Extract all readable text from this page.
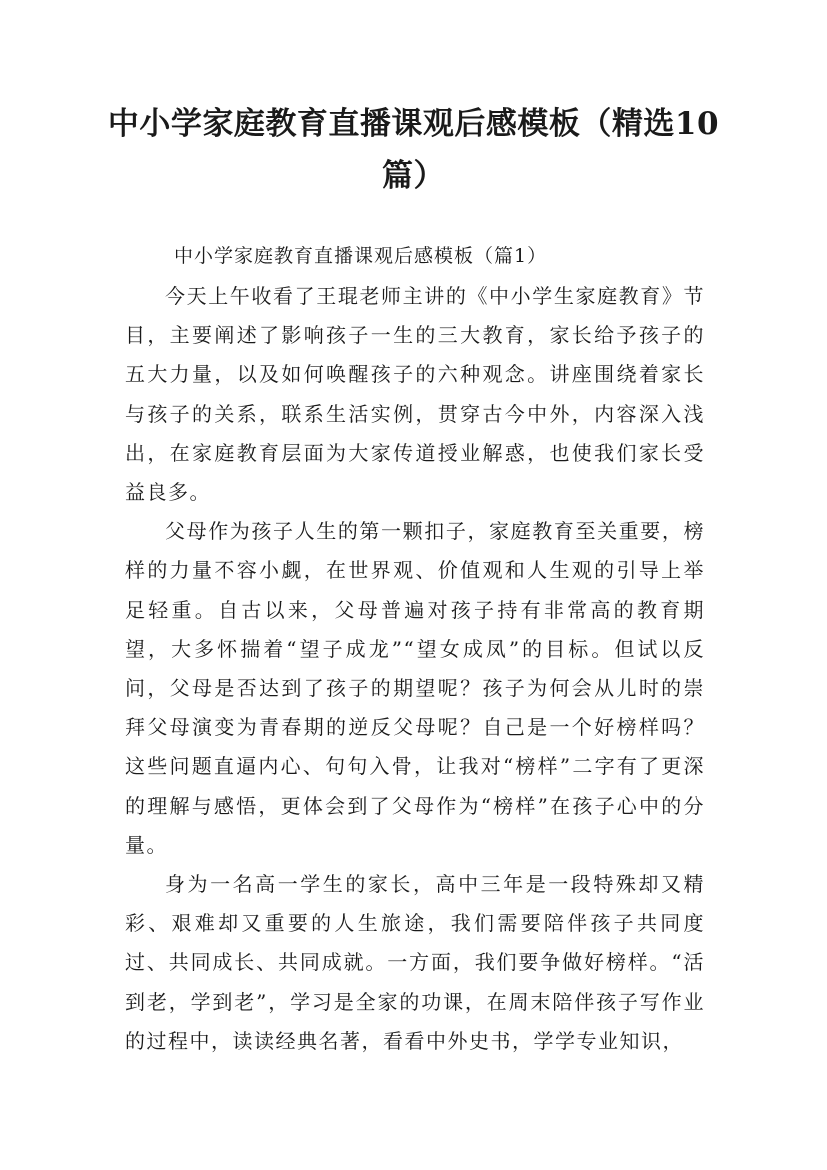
中小学家庭教育直播课观后感模板（精选10篇）

中小学家庭教育直播课观后感模板（篇1）

今天上午收看了王琨老师主讲的《中小学生家庭教育》节目，主要阐述了影响孩子一生的三大教育，家长给予孩子的五大力量，以及如何唤醒孩子的六种观念。讲座围绕着家长与孩子的关系，联系生活实例，贯穿古今中外，内容深入浅出，在家庭教育层面为大家传道授业解惑，也使我们家长受益良多。

父母作为孩子人生的第一颗扣子，家庭教育至关重要，榜样的力量不容小觑，在世界观、价值观和人生观的引导上举足轻重。自古以来，父母普遍对孩子持有非常高的教育期望，大多怀揣着“望子成龙”“望女成凤”的目标。但试以反问，父母是否达到了孩子的期望呢？孩子为何会从儿时的崇拜父母演变为青春期的逆反父母呢？自己是一个好榜样吗？这些问题直逼内心、句句入骨，让我对“榜样”二字有了更深的理解与感悟，更体会到了父母作为“榜样”在孩子心中的分量。

身为一名高一学生的家长，高中三年是一段特殊却又精彩、艰难却又重要的人生旅途，我们需要陪伴孩子共同度过、共同成长、共同成就。一方面，我们要争做好榜样。“活到老，学到老”，学习是全家的功课，在周末陪伴孩子写作业的过程中，读读经典名著，看看中外史书，学学专业知识，
